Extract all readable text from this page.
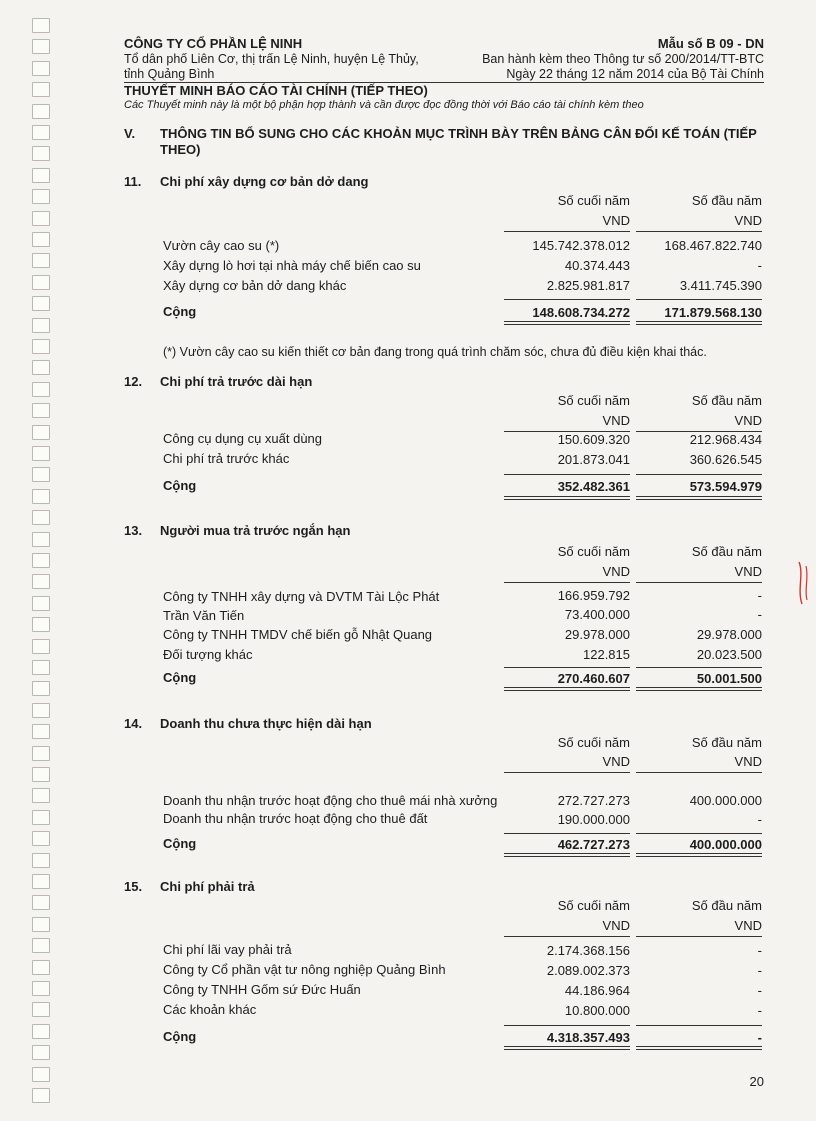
CÔNG TY CỔ PHẦN LỆ NINH
Tổ dân phố Liên Cơ, thị trấn Lệ Ninh, huyện Lệ Thủy,
tỉnh Quảng Bình
Mẫu số B 09 - DN
Ban hành kèm theo Thông tư số 200/2014/TT-BTC
Ngày 22 tháng 12 năm 2014 của Bộ Tài Chính
THUYẾT MINH BÁO CÁO TÀI CHÍNH (TIẾP THEO)
Các Thuyết minh này là một bộ phận hợp thành và cần được đọc đồng thời với Báo cáo tài chính kèm theo
V. THÔNG TIN BỔ SUNG CHO CÁC KHOẢN MỤC TRÌNH BÀY TRÊN BẢNG CÂN ĐỐI KẾ TOÁN (TIẾP THEO)
11. Chi phí xây dựng cơ bản dở dang
Số cuối năm	Số đầu năm
VND	VND
Vườn cây cao su (*)	145.742.378.012	168.467.822.740
Xây dựng lò hơi tại nhà máy chế biến cao su	40.374.443	-
Xây dựng cơ bản dở dang khác	2.825.981.817	3.411.745.390
Cộng	148.608.734.272	171.879.568.130
(*) Vườn cây cao su kiến thiết cơ bản đang trong quá trình chăm sóc, chưa đủ điều kiện khai thác.
12. Chi phí trả trước dài hạn
Số cuối năm	Số đầu năm
VND	VND
Công cụ dụng cụ xuất dùng	150.609.320	212.968.434
Chi phí trả trước khác	201.873.041	360.626.545
Cộng	352.482.361	573.594.979
13. Người mua trả trước ngắn hạn
Số cuối năm	Số đầu năm
VND	VND
Công ty TNHH xây dựng và DVTM Tài Lộc Phát	166.959.792	-
Trần Văn Tiến	73.400.000	-
Công ty TNHH TMDV chế biến gỗ Nhật Quang	29.978.000	29.978.000
Đối tượng khác	122.815	20.023.500
Cộng	270.460.607	50.001.500
14. Doanh thu chưa thực hiện dài hạn
Số cuối năm	Số đầu năm
VND	VND
Doanh thu nhận trước hoạt động cho thuê mái nhà xưởng	272.727.273	400.000.000
Doanh thu nhận trước hoạt động cho thuê đất	190.000.000	-
Cộng	462.727.273	400.000.000
15. Chi phí phải trả
Số cuối năm	Số đầu năm
VND	VND
Chi phí lãi vay phải trả	2.174.368.156	-
Công ty Cổ phần vật tư nông nghiệp Quảng Bình	2.089.002.373	-
Công ty TNHH Gốm sứ Đức Huấn	44.186.964	-
Các khoản khác	10.800.000	-
Cộng	4.318.357.493	-
20
